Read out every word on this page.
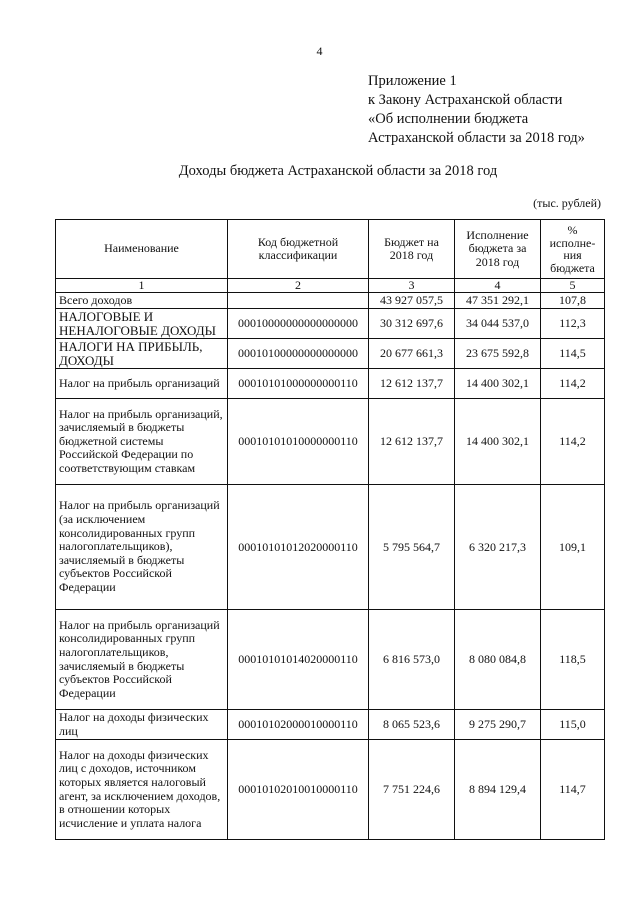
4
Приложение 1
к Закону Астраханской области
«Об исполнении бюджета
Астраханской области за 2018 год»
Доходы бюджета Астраханской области за 2018 год
(тыс. рублей)
Наименование	Код бюджетной классификации	Бюджет на 2018 год	Исполнение бюджета за 2018 год	% исполне-ния бюджета
1	2	3	4	5
Всего доходов		43 927 057,5	47 351 292,1	107,8
НАЛОГОВЫЕ И НЕНАЛОГОВЫЕ ДОХОДЫ	00010000000000000000	30 312 697,6	34 044 537,0	112,3
НАЛОГИ НА ПРИБЫЛЬ, ДОХОДЫ	00010100000000000000	20 677 661,3	23 675 592,8	114,5
Налог на прибыль организаций	00010101000000000110	12 612 137,7	14 400 302,1	114,2
Налог на прибыль организаций, зачисляемый в бюджеты бюджетной системы Российской Федерации по соответствующим ставкам	00010101010000000110	12 612 137,7	14 400 302,1	114,2
Налог на прибыль организаций (за исключением консолидированных групп налогоплательщиков), зачисляемый в бюджеты субъектов Российской Федерации	00010101012020000110	5 795 564,7	6 320 217,3	109,1
Налог на прибыль организаций консолидированных групп налогоплательщиков, зачисляемый в бюджеты субъектов Российской Федерации	00010101014020000110	6 816 573,0	8 080 084,8	118,5
Налог на доходы физических лиц	00010102000010000110	8 065 523,6	9 275 290,7	115,0
Налог на доходы физических лиц с доходов, источником которых является налоговый агент, за исключением доходов, в отношении которых исчисление и уплата налога	00010102010010000110	7 751 224,6	8 894 129,4	114,7
